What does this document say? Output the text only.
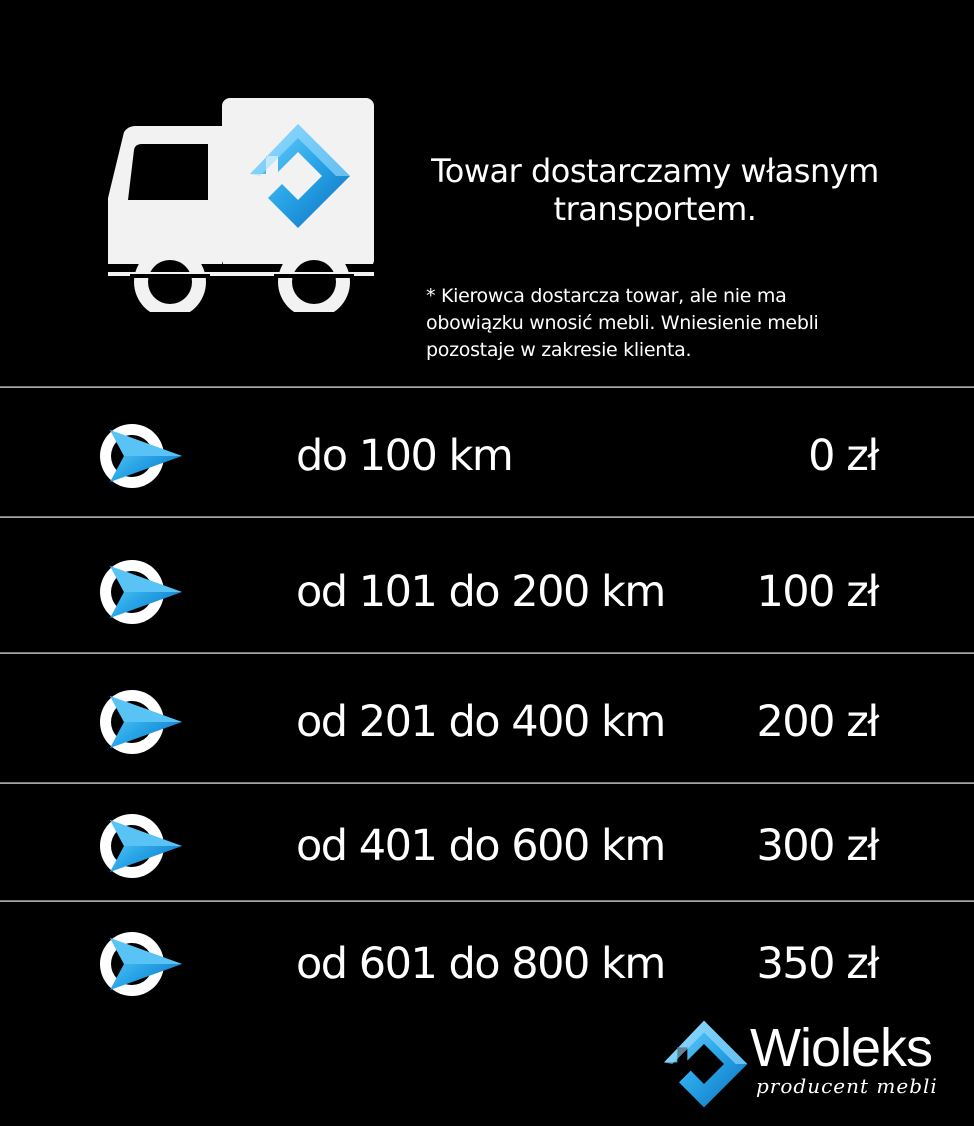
Towar dostarczamy własnym
transportem.
* Kierowca dostarcza towar, ale nie ma
obowiązku wnosić mebli. Wniesienie mebli
pozostaje w zakresie klienta.
do 100 km	0 zł
od 101 do 200 km 100 zł
od 201 do 400 km 200 zł
od 401 do 600 km 300 zł
od 601 do 800 km 350 zł
Wioleks
producent mebli
